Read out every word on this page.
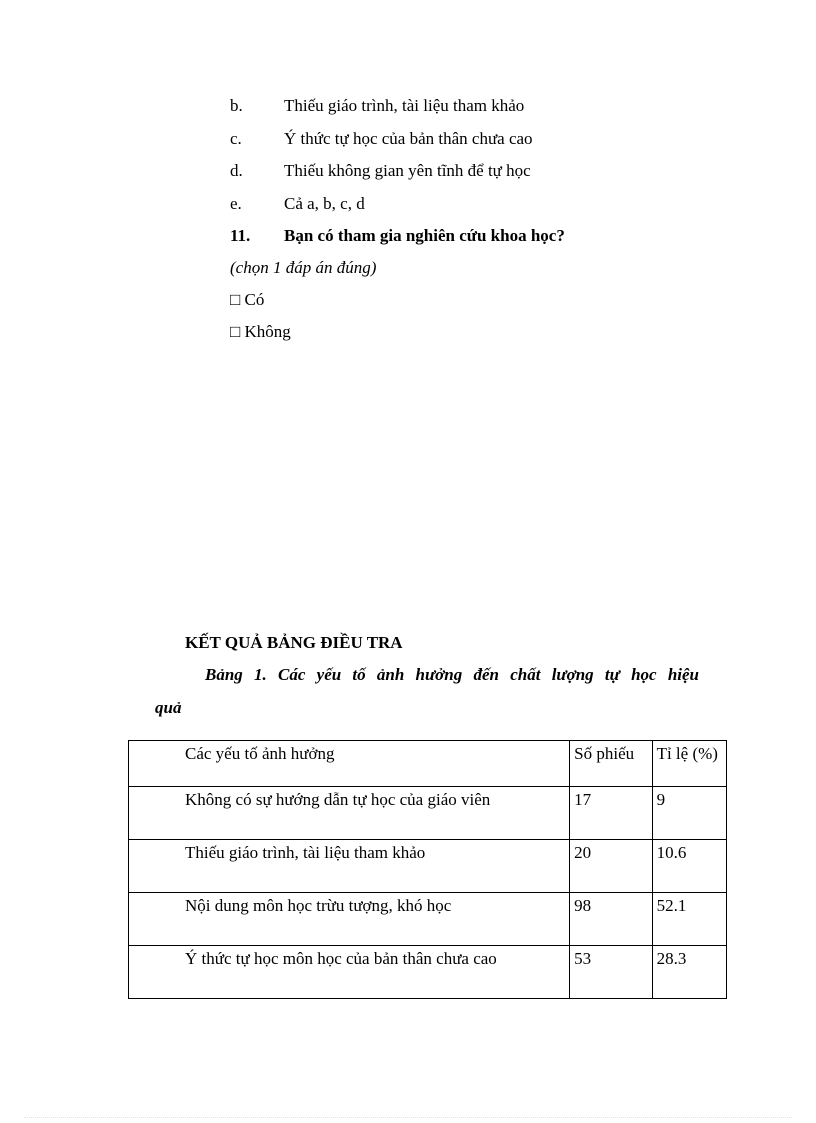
b. Thiếu giáo trình, tài liệu tham khảo
c. Ý thức tự học của bản thân chưa cao
d. Thiếu không gian yên tĩnh để tự học
e. Cả a, b, c, d
11. Bạn có tham gia nghiên cứu khoa học?
(chọn 1 đáp án đúng)
□ Có
□ Không
KẾT QUẢ BẢNG ĐIỀU TRA
Bảng 1. Các yếu tố ảnh hưởng đến chất lượng tự học hiệu
quả
Các yếu tố ảnh hưởng	Số phiếu	Tỉ lệ (%)
Không có sự hướng dẫn tự học của giáo viên	17	9
Thiếu giáo trình, tài liệu tham khảo	20	10.6
Nội dung môn học trừu tượng, khó học	98	52.1
Ý thức tự học môn học của bản thân chưa cao	53	28.3
